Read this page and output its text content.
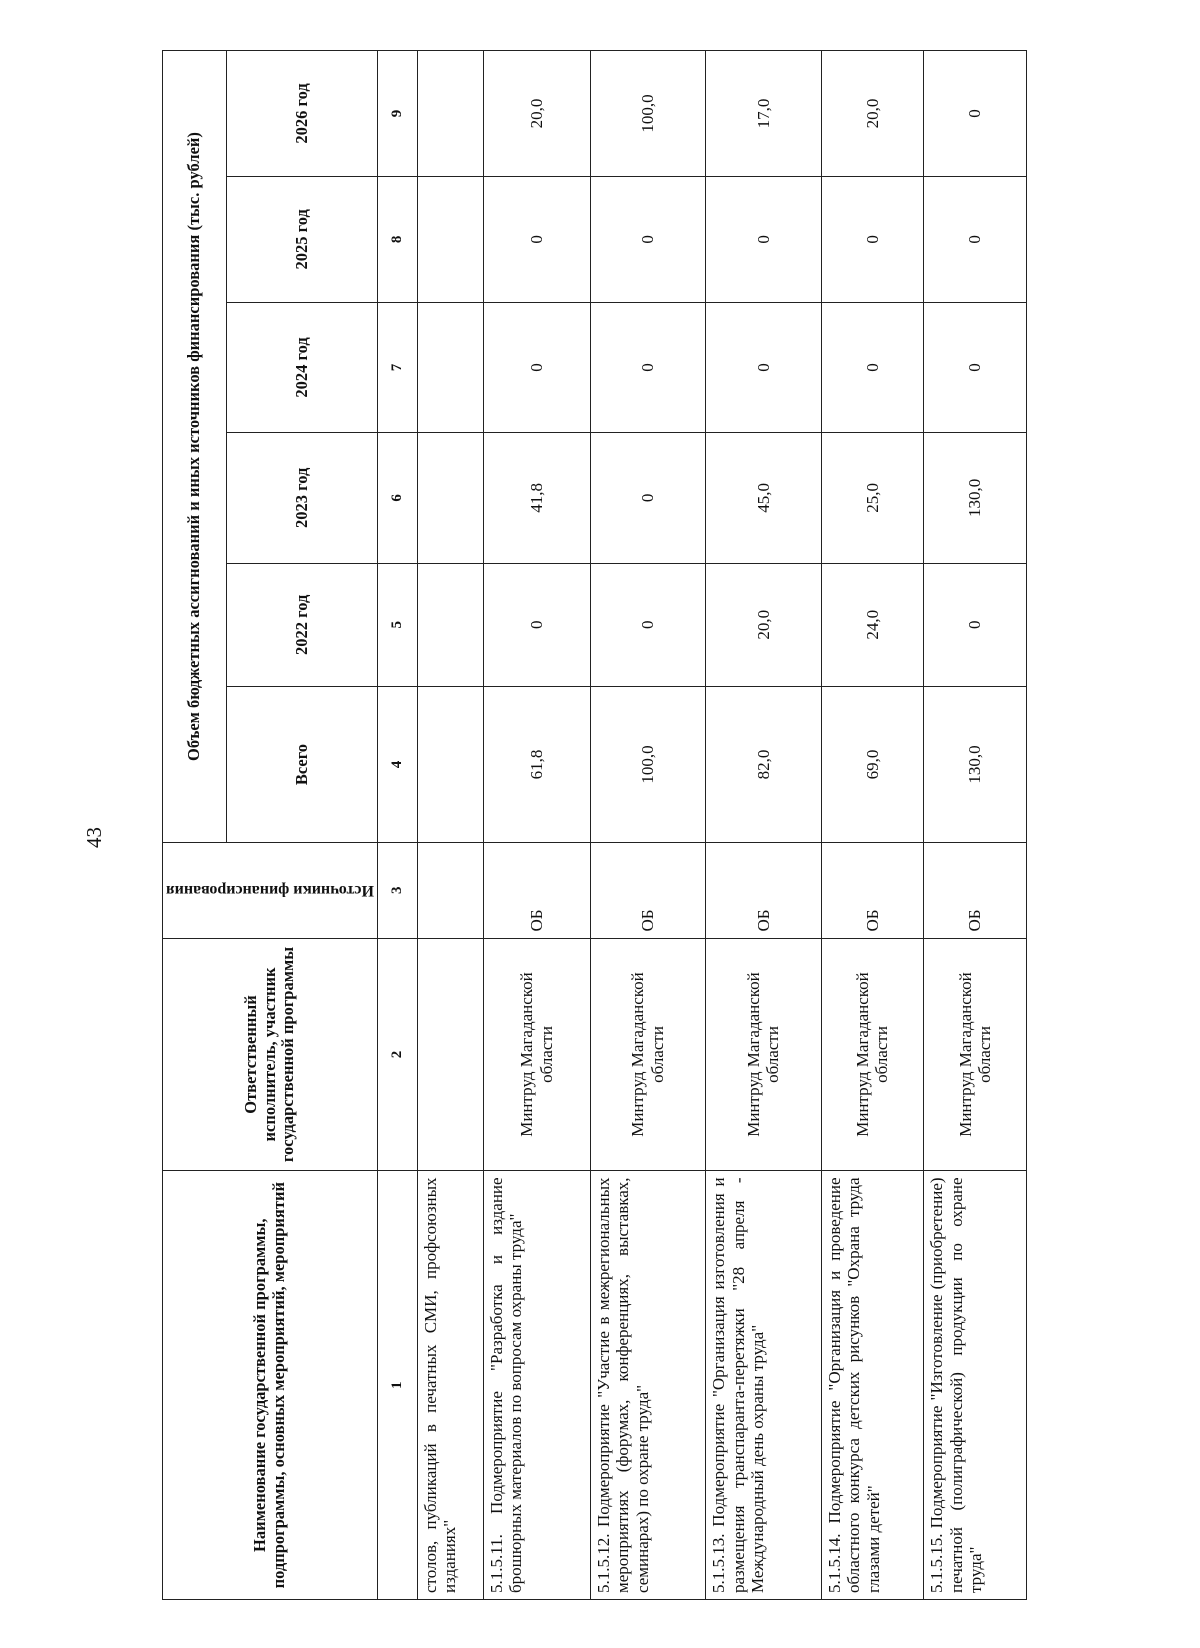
43
Наименование государственной программы, подпрограммы, основных мероприятий, мероприятий	Ответственный исполнитель, участник государственной программы	Источники финансирования	Объем бюджетных ассигнований и иных источников финансирования (тыс. рублей)					
			Всего	2022 год	2023 год	2024 год	2025 год	2026 год
1	2	3	4	5	6	7	8	9
столов, публикаций в печатных СМИ, профсоюзных изданиях"								
5.1.5.11. Подмероприятие "Разработка и издание брошюрных материалов по вопросам охраны труда"	Минтруд Магаданской области	ОБ	61,8	0	41,8	0	0	20,0
5.1.5.12. Подмероприятие "Участие в межрегиональных мероприятиях (форумах, конференциях, выставках, семинарах) по охране труда"	Минтруд Магаданской области	ОБ	100,0	0	0	0	0	100,0
5.1.5.13. Подмероприятие "Организация изготовления и размещения транспаранта-перетяжки "28 апреля - Международный день охраны труда"	Минтруд Магаданской области	ОБ	82,0	20,0	45,0	0	0	17,0
5.1.5.14. Подмероприятие "Организация и проведение областного конкурса детских рисунков "Охрана труда глазами детей"	Минтруд Магаданской области	ОБ	69,0	24,0	25,0	0	0	20,0
5.1.5.15. Подмероприятие "Изготовление (приобретение) печатной (полиграфической) продукции по охране труда"	Минтруд Магаданской области	ОБ	130,0	0	130,0	0	0	0
